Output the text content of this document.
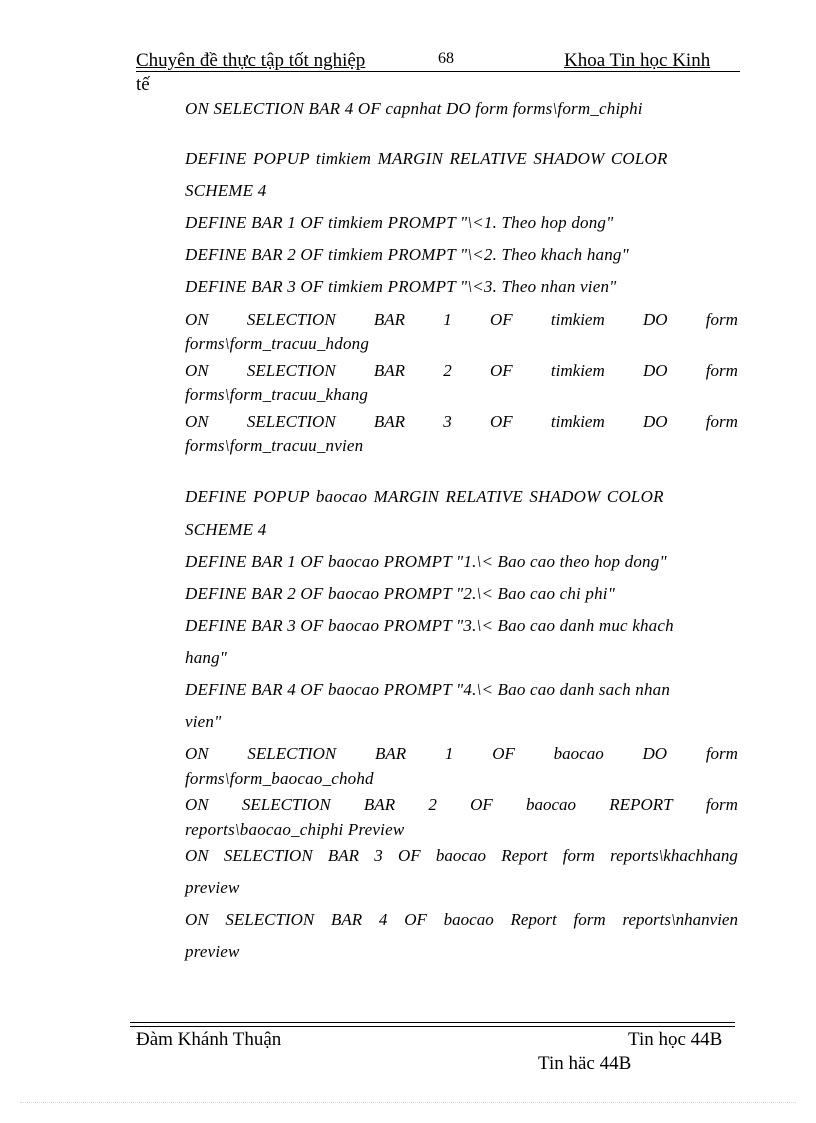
Chuyên đề thực tập tốt nghiệp	68	Khoa Tin học Kinh
tế
ON SELECTION BAR 4 OF capnhat DO form forms\form_chiphi
DEFINE POPUP timkiem MARGIN RELATIVE SHADOW COLOR
SCHEME 4
DEFINE BAR 1 OF timkiem PROMPT "\<1. Theo hop dong"
DEFINE BAR 2 OF timkiem PROMPT "\<2. Theo khach hang"
DEFINE BAR 3 OF timkiem PROMPT "\<3. Theo nhan vien"
ON SELECTION BAR 1 OF timkiem DO form
forms\form_tracuu_hdong
ON SELECTION BAR 2 OF timkiem DO form
forms\form_tracuu_khang
ON SELECTION BAR 3 OF timkiem DO form
forms\form_tracuu_nvien
DEFINE POPUP baocao MARGIN RELATIVE SHADOW COLOR
SCHEME 4
DEFINE BAR 1 OF baocao PROMPT "1.\< Bao cao theo hop dong"
DEFINE BAR 2 OF baocao PROMPT "2.\< Bao cao chi phi"
DEFINE BAR 3 OF baocao PROMPT "3.\< Bao cao danh muc khach
hang"
DEFINE BAR 4 OF baocao PROMPT "4.\< Bao cao danh sach nhan
vien"
ON SELECTION BAR 1 OF baocao DO form
forms\form_baocao_chohd
ON SELECTION BAR 2 OF baocao REPORT form
reports\baocao_chiphi Preview
ON SELECTION BAR 3 OF baocao Report form reports\khachhang
preview
ON SELECTION BAR 4 OF baocao Report form reports\nhanvien
preview
Đàm Khánh Thuận	Tin học 44B
Tin häc 44B
